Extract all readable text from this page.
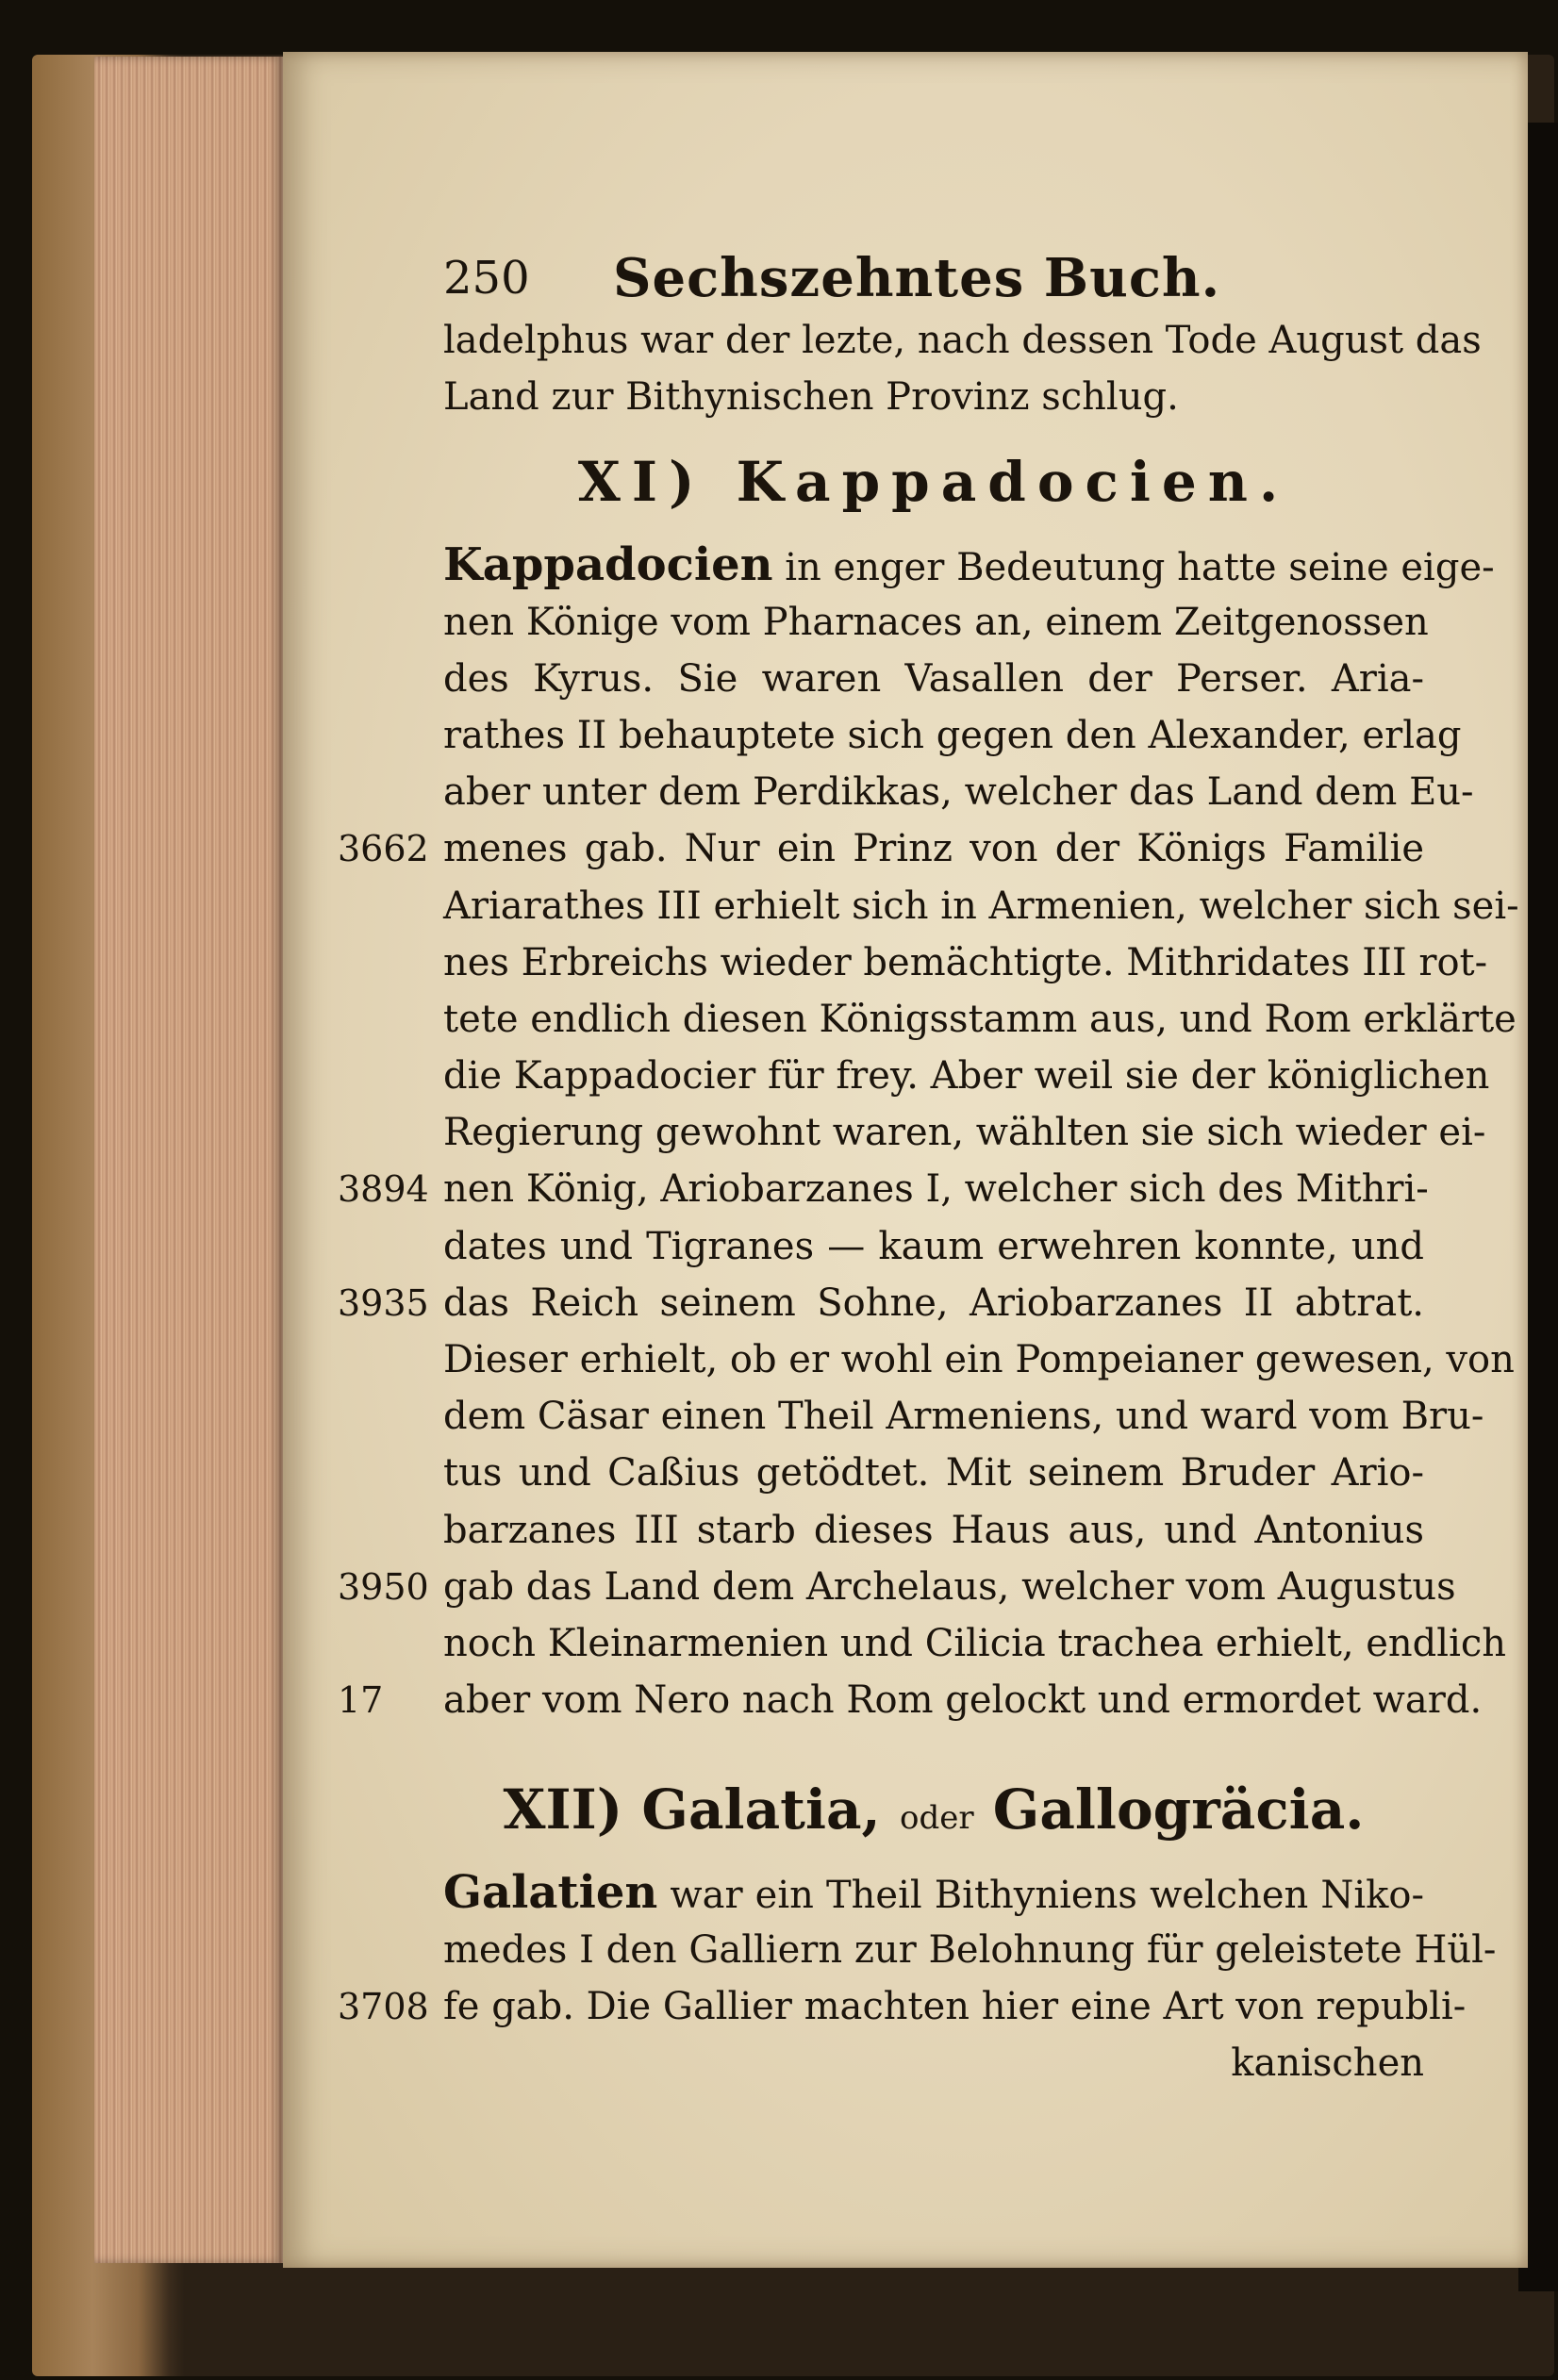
250	Sechszehntes Buch.
ladelphus war der lezte, nach dessen Tode August das
Land zur Bithynischen Provinz schlug.
XI) Kappadocien.
Kappadocien in enger Bedeutung hatte seine eige-
nen Könige vom Pharnaces an, einem Zeitgenossen
des Kyrus. Sie waren Vasallen der Perser. Aria-
rathes II behauptete sich gegen den Alexander, erlag
aber unter dem Perdikkas, welcher das Land dem Eu-
3662 menes gab. Nur ein Prinz von der Königs Familie
Ariarathes III erhielt sich in Armenien, welcher sich sei-
nes Erbreichs wieder bemächtigte. Mithridates III rot-
tete endlich diesen Königsstamm aus, und Rom erklärte
die Kappadocier für frey. Aber weil sie der königlichen
Regierung gewohnt waren, wählten sie sich wieder ei-
3894 nen König, Ariobarzanes I, welcher sich des Mithri-
dates und Tigranes — kaum erwehren konnte, und
3935 das Reich seinem Sohne, Ariobarzanes II abtrat.
Dieser erhielt, ob er wohl ein Pompeianer gewesen, von
dem Cäsar einen Theil Armeniens, und ward vom Bru-
tus und Caßius getödtet. Mit seinem Bruder Ario-
barzanes III starb dieses Haus aus, und Antonius
3950 gab das Land dem Archelaus, welcher vom Augustus
noch Kleinarmenien und Cilicia trachea erhielt, endlich
17	aber vom Nero nach Rom gelockt und ermordet ward.
XII) Galatia, oder Gallogräcia.
Galatien war ein Theil Bithyniens welchen Niko-
medes I den Galliern zur Belohnung für geleistete Hül-
3708 fe gab. Die Gallier machten hier eine Art von republi-
kanischen
